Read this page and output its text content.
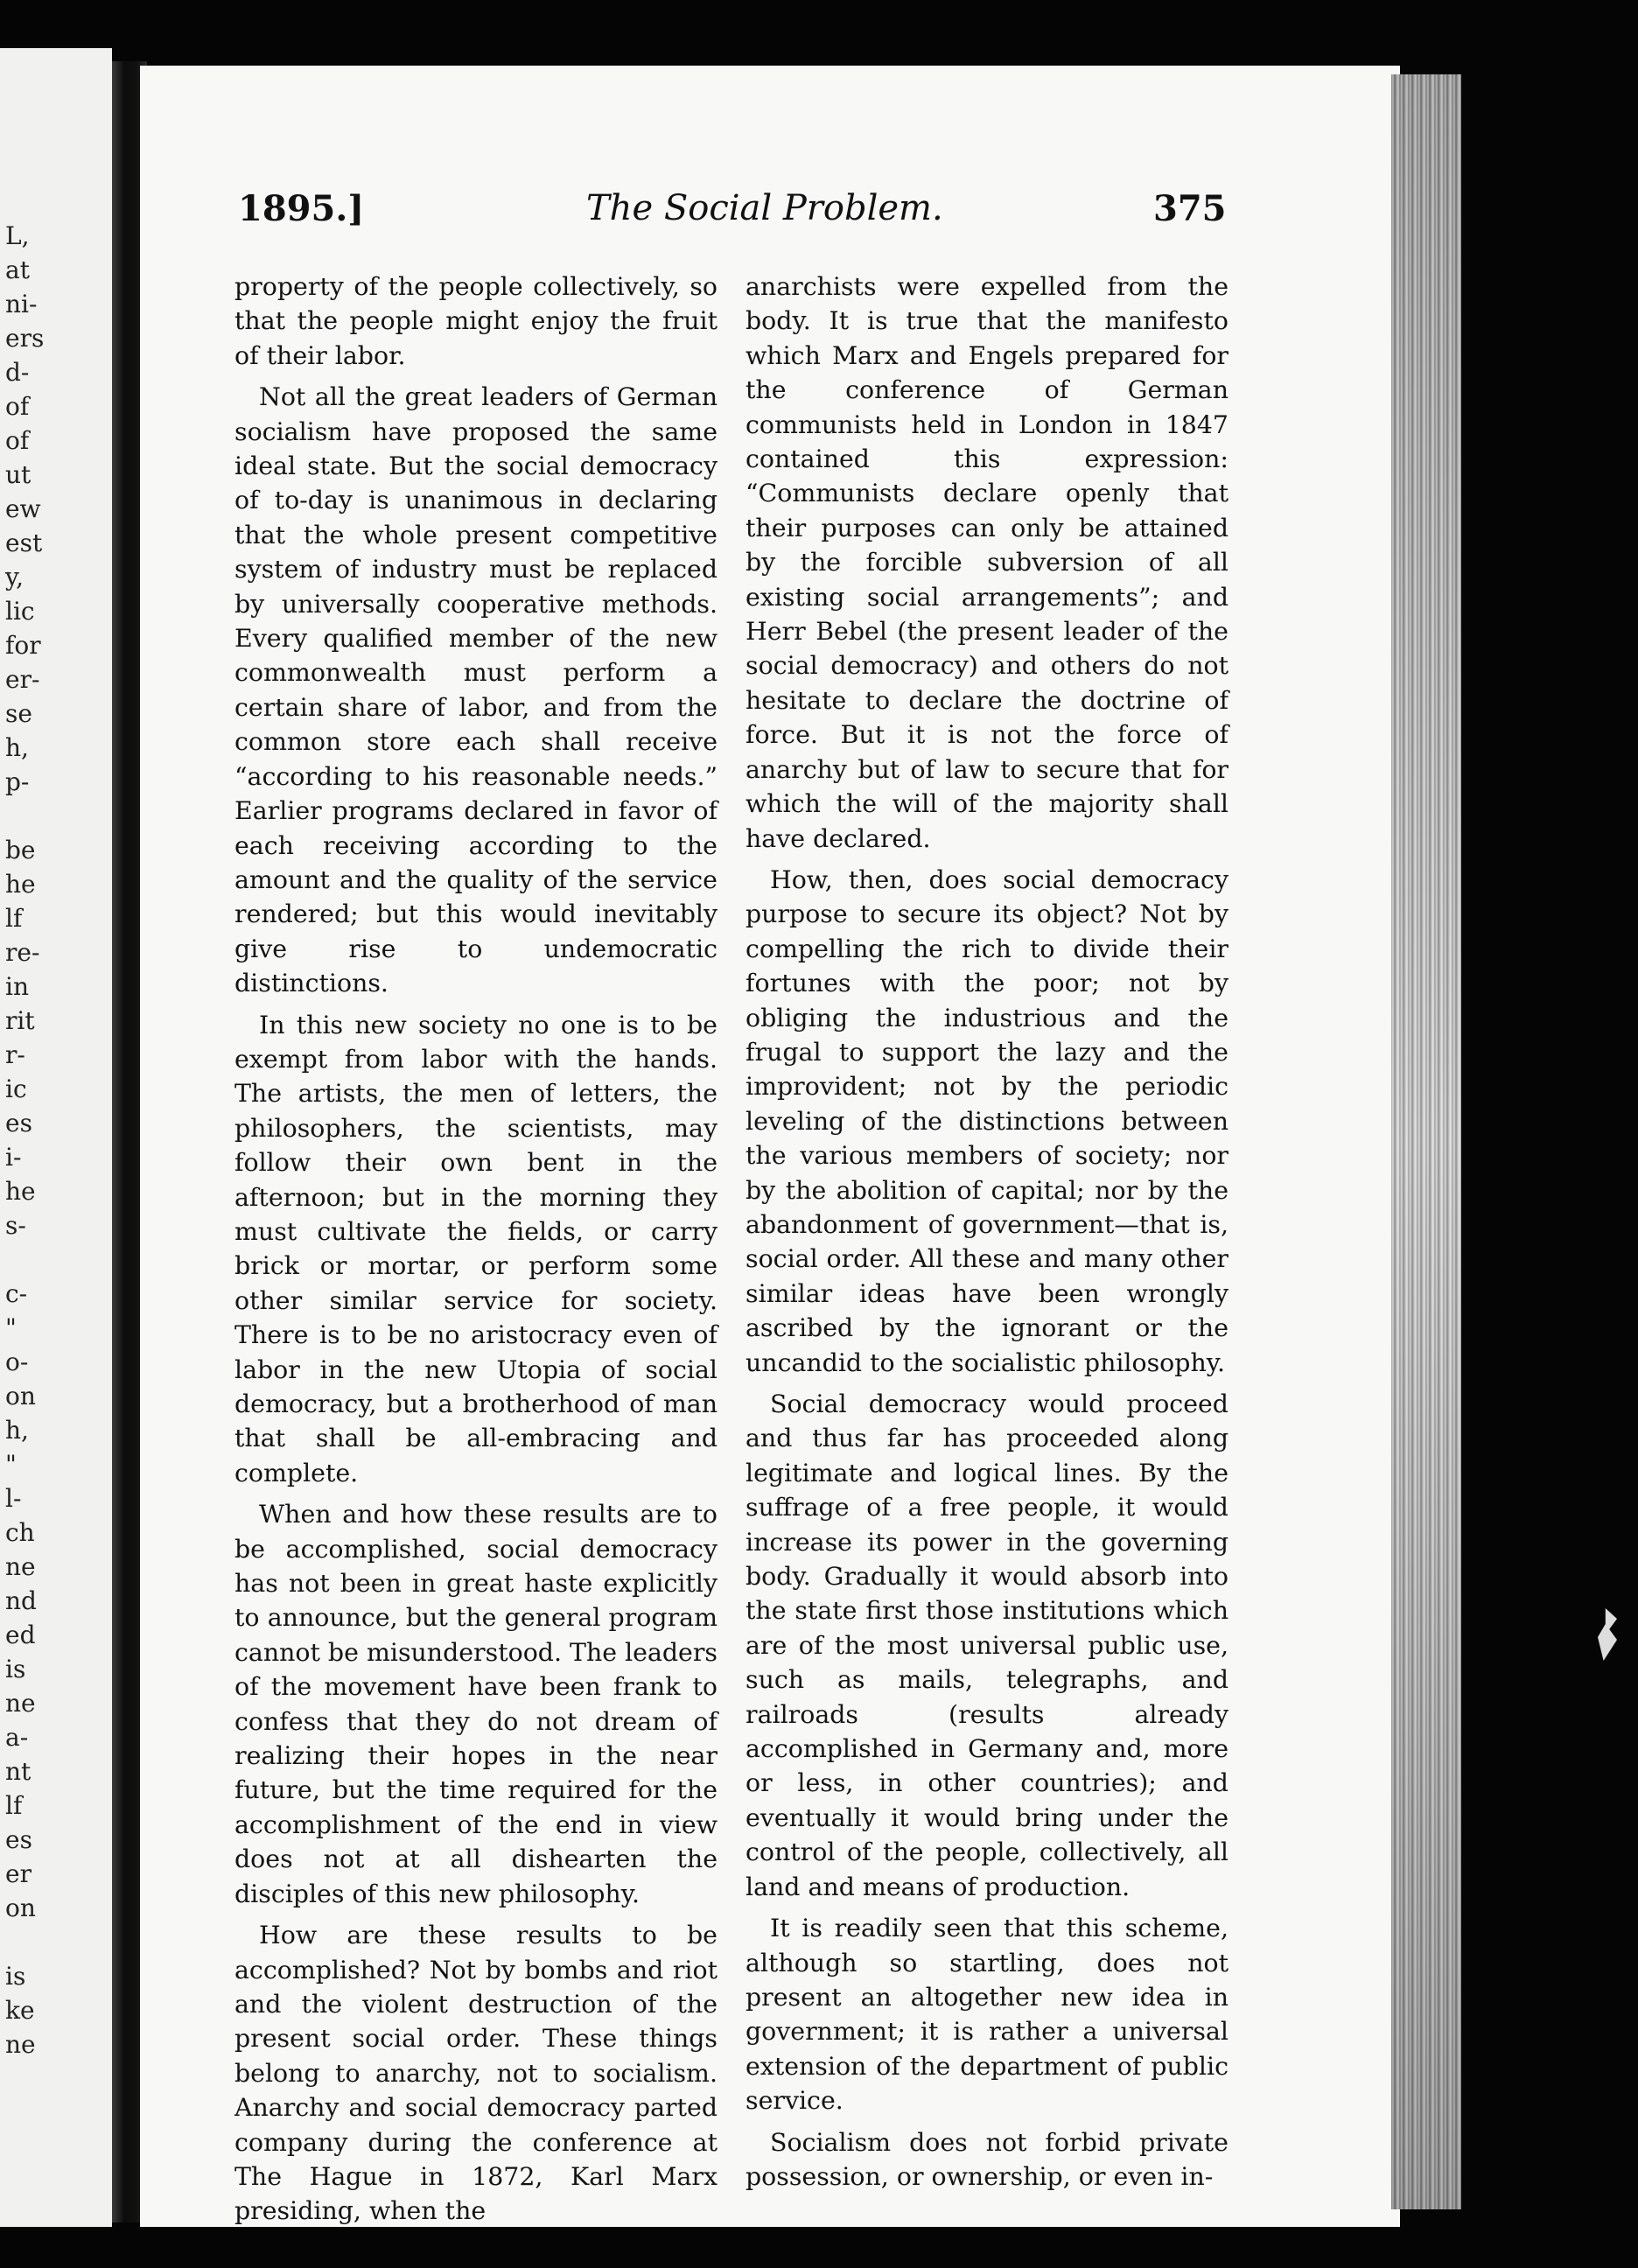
L,
at
ni-
ers
d-
of
of
ut
ew
est
y,
lic
for
er-
se
h,
p-
be
he
lf
re-
in
rit
r-
ic
es
i-
he
s-
c-
"
o-
on
h,
"
l-
ch
ne
nd
ed
is
ne
a-
nt
lf
es
er
on
is
ke
ne
1895.]	The Social Problem.	375

property of the people collectively, so that the people might enjoy the fruit of their labor.

Not all the great leaders of German socialism have proposed the same ideal state. But the social democracy of to-day is unanimous in declaring that the whole present competitive system of industry must be replaced by universally cooperative methods. Every qualified member of the new commonwealth must perform a certain share of labor, and from the common store each shall receive “according to his reasonable needs.” Earlier programs declared in favor of each receiving according to the amount and the quality of the service rendered; but this would inevitably give rise to undemocratic distinctions.

In this new society no one is to be exempt from labor with the hands. The artists, the men of letters, the philosophers, the scientists, may follow their own bent in the afternoon; but in the morning they must cultivate the fields, or carry brick or mortar, or perform some other similar service for society. There is to be no aristocracy even of labor in the new Utopia of social democracy, but a brotherhood of man that shall be all-embracing and complete.

When and how these results are to be accomplished, social democracy has not been in great haste explicitly to announce, but the general program cannot be misunderstood. The leaders of the movement have been frank to confess that they do not dream of realizing their hopes in the near future, but the time required for the accomplishment of the end in view does not at all dishearten the disciples of this new philosophy.

How are these results to be accomplished? Not by bombs and riot and the violent destruction of the present social order. These things belong to anarchy, not to socialism. Anarchy and social democracy parted company during the conference at The Hague in 1872, Karl Marx presiding, when the

anarchists were expelled from the body. It is true that the manifesto which Marx and Engels prepared for the conference of German communists held in London in 1847 contained this expression: “Communists declare openly that their purposes can only be attained by the forcible subversion of all existing social arrangements”; and Herr Bebel (the present leader of the social democracy) and others do not hesitate to declare the doctrine of force. But it is not the force of anarchy but of law to secure that for which the will of the majority shall have declared.

How, then, does social democracy purpose to secure its object? Not by compelling the rich to divide their fortunes with the poor; not by obliging the industrious and the frugal to support the lazy and the improvident; not by the periodic leveling of the distinctions between the various members of society; nor by the abolition of capital; nor by the abandonment of government—that is, social order. All these and many other similar ideas have been wrongly ascribed by the ignorant or the uncandid to the socialistic philosophy.

Social democracy would proceed and thus far has proceeded along legitimate and logical lines. By the suffrage of a free people, it would increase its power in the governing body. Gradually it would absorb into the state first those institutions which are of the most universal public use, such as mails, telegraphs, and railroads (results already accomplished in Germany and, more or less, in other countries); and eventually it would bring under the control of the people, collectively, all land and means of production.

It is readily seen that this scheme, although so startling, does not present an altogether new idea in government; it is rather a universal extension of the department of public service.

Socialism does not forbid private possession, or ownership, or even in-
